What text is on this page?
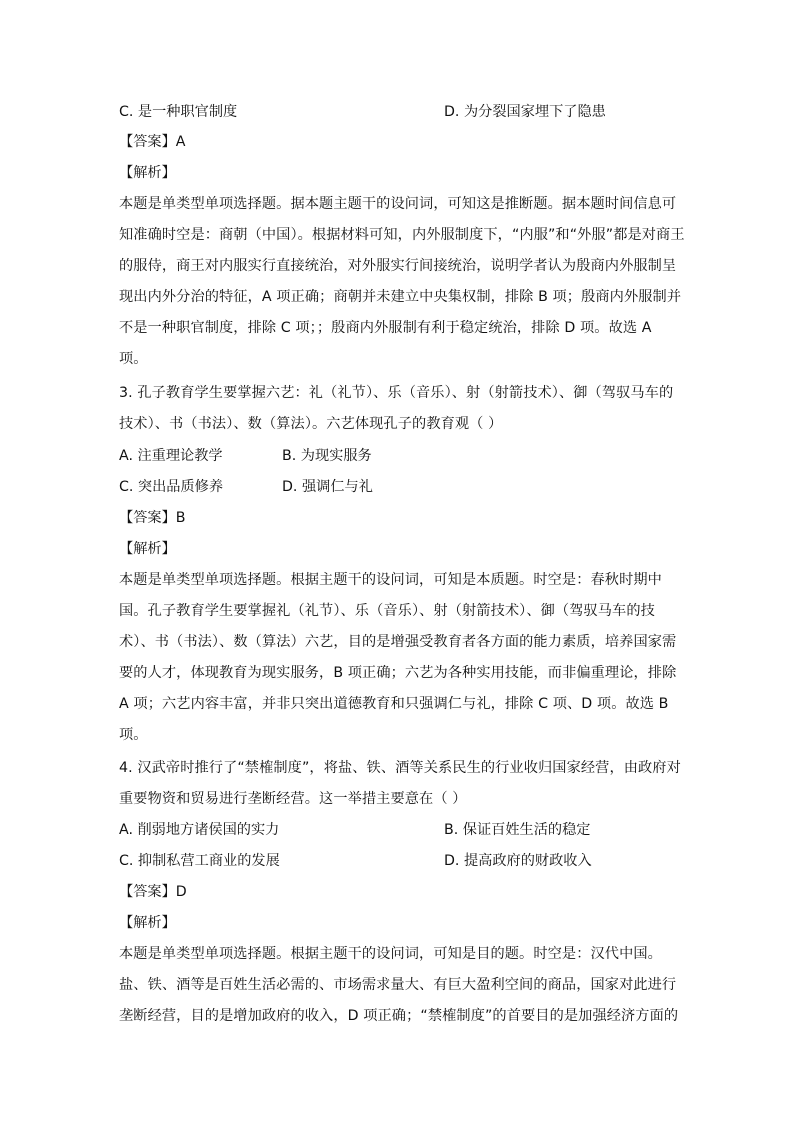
C. 是一种职官制度	D. 为分裂国家埋下了隐患
【答案】A
【解析】
本题是单类型单项选择题。据本题主题干的设问词，可知这是推断题。据本题时间信息可
知准确时空是：商朝（中国）。根据材料可知，内外服制度下，“内服”和“外服”都是对商王
的服侍，商王对内服实行直接统治，对外服实行间接统治，说明学者认为殷商内外服制呈
现出内外分治的特征，A 项正确；商朝并未建立中央集权制，排除 B 项；殷商内外服制并
不是一种职官制度，排除 C 项；；殷商内外服制有利于稳定统治，排除 D 项。故选 A
项。
3. 孔子教育学生要掌握六艺：礼（礼节）、乐（音乐）、射（射箭技术）、御（驾驭马车的
技术）、书（书法）、数（算法）。六艺体现孔子的教育观（ ）
A. 注重理论教学	B. 为现实服务
C. 突出品质修养	D. 强调仁与礼
【答案】B
【解析】
本题是单类型单项选择题。根据主题干的设问词，可知是本质题。时空是：春秋时期中
国。孔子教育学生要掌握礼（礼节）、乐（音乐）、射（射箭技术）、御（驾驭马车的技
术）、书（书法）、数（算法）六艺，目的是增强受教育者各方面的能力素质，培养国家需
要的人才，体现教育为现实服务，B 项正确；六艺为各种实用技能，而非偏重理论，排除
A 项；六艺内容丰富，并非只突出道德教育和只强调仁与礼，排除 C 项、D 项。故选 B
项。
4. 汉武帝时推行了“禁榷制度”，将盐、铁、酒等关系民生的行业收归国家经营，由政府对
重要物资和贸易进行垄断经营。这一举措主要意在（ ）
A. 削弱地方诸侯国的实力	B. 保证百姓生活的稳定
C. 抑制私营工商业的发展	D. 提高政府的财政收入
【答案】D
【解析】
本题是单类型单项选择题。根据主题干的设问词，可知是目的题。时空是：汉代中国。
盐、铁、酒等是百姓生活必需的、市场需求量大、有巨大盈利空间的商品，国家对此进行
垄断经营，目的是增加政府的收入，D 项正确；“禁榷制度”的首要目的是加强经济方面的
